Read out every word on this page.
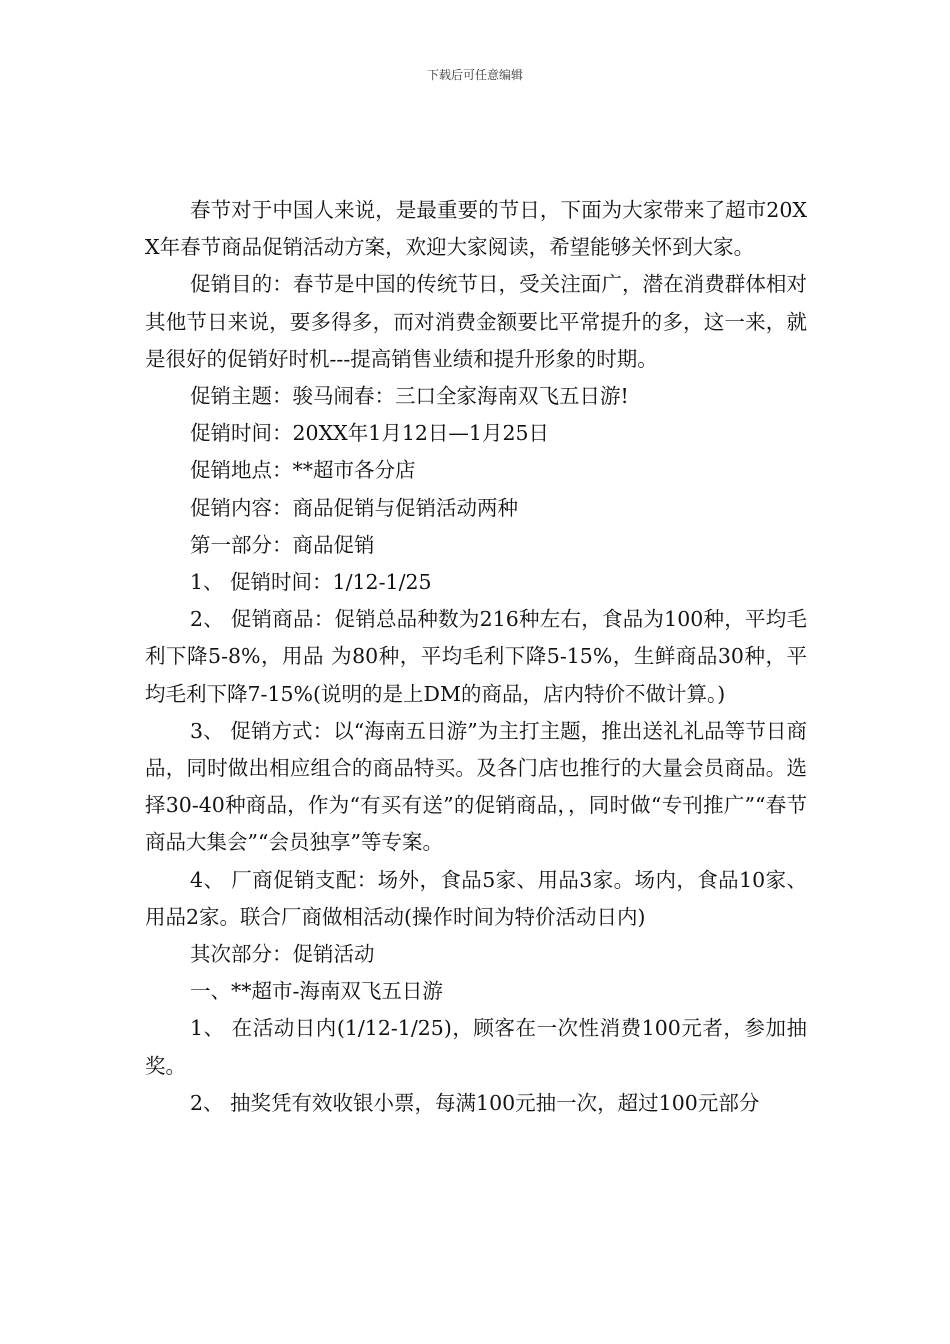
下载后可任意编辑

春节对于中国人来说，是最重要的节日，下面为大家带来了超市20XX年春节商品促销活动方案，欢迎大家阅读，希望能够关怀到大家。

促销目的：春节是中国的传统节日，受关注面广，潜在消费群体相对其他节日来说，要多得多，而对消费金额要比平常提升的多，这一来，就是很好的促销好时机---提高销售业绩和提升形象的时期。

促销主题：骏马闹春：三口全家海南双飞五日游!

促销时间：20XX年1月12日—1月25日

促销地点：**超市各分店

促销内容：商品促销与促销活动两种

第一部分：商品促销

1、 促销时间：1/12-1/25

2、 促销商品：促销总品种数为216种左右，食品为100种，平均毛利下降5-8%，用品 为80种，平均毛利下降5-15%，生鲜商品30种，平均毛利下降7-15%(说明的是上DM的商品，店内特价不做计算。)

3、 促销方式：以“海南五日游”为主打主题，推出送礼礼品等节日商品，同时做出相应组合的商品特买。及各门店也推行的大量会员商品。选择30-40种商品，作为“有买有送”的促销商品，，同时做“专刊推广”“春节商品大集会”“会员独享”等专案。

4、 厂商促销支配：场外，食品5家、用品3家。场内，食品10家、用品2家。联合厂商做相活动(操作时间为特价活动日内)

其次部分：促销活动

一、**超市-海南双飞五日游

1、 在活动日内(1/12-1/25)，顾客在一次性消费100元者，参加抽奖。

2、 抽奖凭有效收银小票，每满100元抽一次，超过100元部分
